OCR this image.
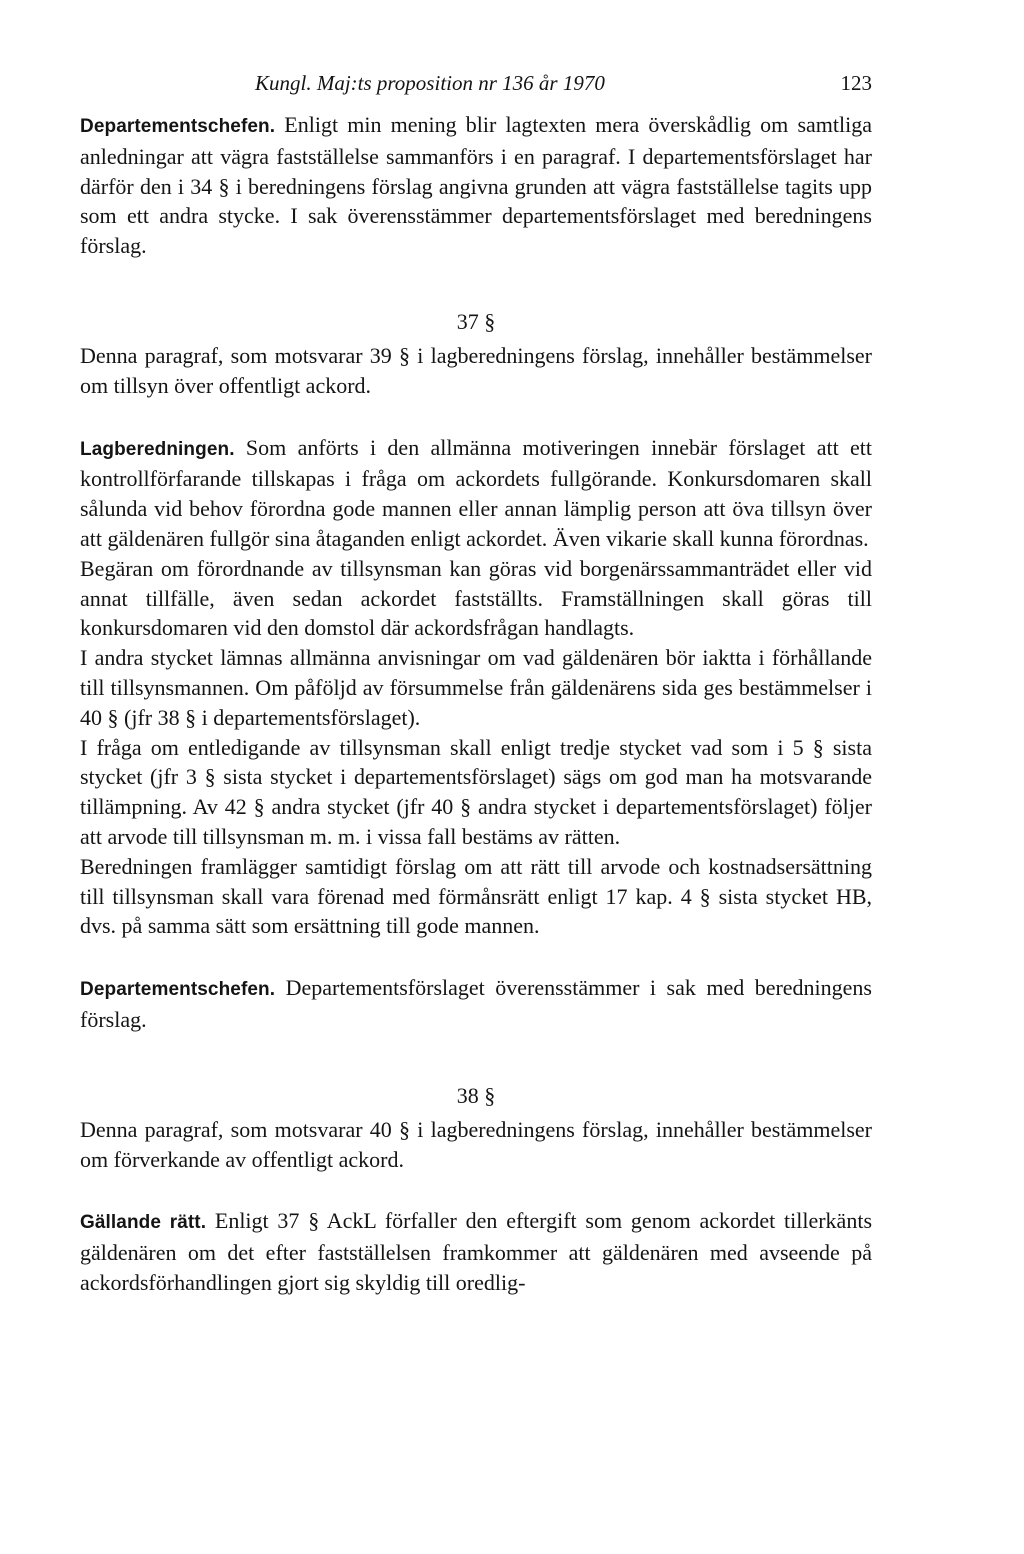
Kungl. Maj:ts proposition nr 136 år 1970	123

Departementschefen. Enligt min mening blir lagtexten mera överskådlig om samtliga anledningar att vägra fastställelse sammanförs i en paragraf. I departementsförslaget har därför den i 34 § i beredningens förslag angivna grunden att vägra fastställelse tagits upp som ett andra stycke. I sak överensstämmer departementsförslaget med beredningens förslag.

37 §

Denna paragraf, som motsvarar 39 § i lagberedningens förslag, innehåller bestämmelser om tillsyn över offentligt ackord.

Lagberedningen. Som anförts i den allmänna motiveringen innebär förslaget att ett kontrollförfarande tillskapas i fråga om ackordets fullgörande. Konkursdomaren skall sålunda vid behov förordna gode mannen eller annan lämplig person att öva tillsyn över att gäldenären fullgör sina åtaganden enligt ackordet. Även vikarie skall kunna förordnas.

Begäran om förordnande av tillsynsman kan göras vid borgenärssammanträdet eller vid annat tillfälle, även sedan ackordet fastställts. Framställningen skall göras till konkursdomaren vid den domstol där ackordsfrågan handlagts.

I andra stycket lämnas allmänna anvisningar om vad gäldenären bör iaktta i förhållande till tillsynsmannen. Om påföljd av försummelse från gäldenärens sida ges bestämmelser i 40 § (jfr 38 § i departementsförslaget).

I fråga om entledigande av tillsynsman skall enligt tredje stycket vad som i 5 § sista stycket (jfr 3 § sista stycket i departementsförslaget) sägs om god man ha motsvarande tillämpning. Av 42 § andra stycket (jfr 40 § andra stycket i departementsförslaget) följer att arvode till tillsynsman m. m. i vissa fall bestäms av rätten.

Beredningen framlägger samtidigt förslag om att rätt till arvode och kostnadsersättning till tillsynsman skall vara förenad med förmånsrätt enligt 17 kap. 4 § sista stycket HB, dvs. på samma sätt som ersättning till gode mannen.

Departementschefen. Departementsförslaget överensstämmer i sak med beredningens förslag.

38 §

Denna paragraf, som motsvarar 40 § i lagberedningens förslag, innehåller bestämmelser om förverkande av offentligt ackord.

Gällande rätt. Enligt 37 § AckL förfaller den eftergift som genom ackordet tillerkänts gäldenären om det efter fastställelsen framkommer att gäldenären med avseende på ackordsförhandlingen gjort sig skyldig till oredlig-
